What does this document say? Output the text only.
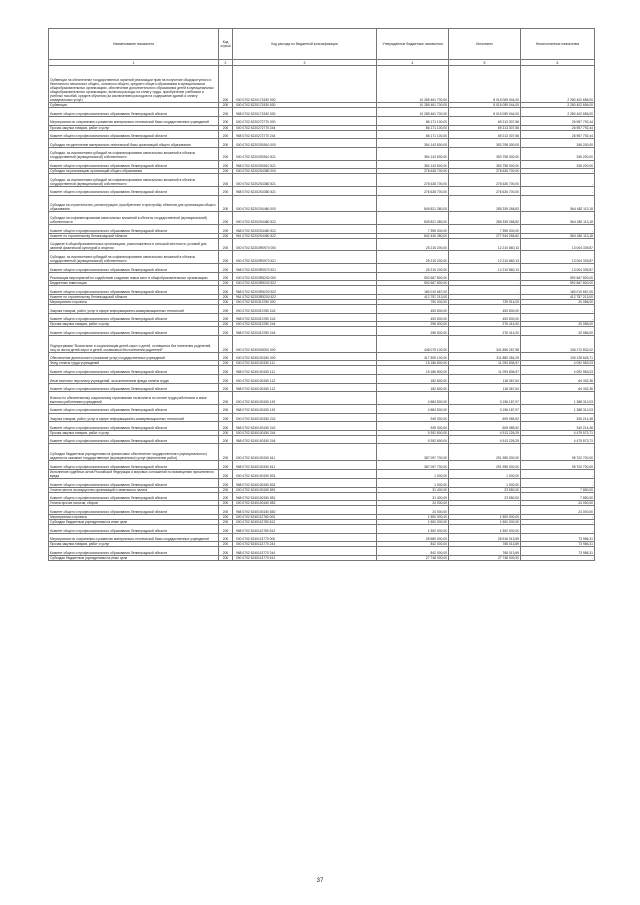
Наименование показателя	Код строки	Код расхода по бюджетной классификации	Утвержденные бюджетные назначения	Исполнено	Неисполненные назначения
1	2	3	4	5	6
Субвенции на обеспечение государственных гарантий реализации прав на получение общедоступного и бесплатного начального общего, основного общего, среднего общего образования в муниципальных общеобразовательных организациях, обеспечение дополнительного образования детей в муниципальных общеобразовательных организациях, включая расходы на оплату труда, приобретение учебников и учебных пособий, средств обучения (за исключением расходов на содержание зданий и оплату коммунальных услуг)	200	000 0702 5220171530 000	10 285 461 700,00	8 015 069 044,00	2 280 402 656,00
Субвенции	200	000 0702 5220171530 530	10 285 461 700,00	8 015 059 044,00	2 280 402 656,00
Комитет общего и профессионального образования Ленинградской области	200	968 0702 5220171530 530	10 285 461 700,00	8 015 059 044,00	2 280 402 656,00
Мероприятия по сохранению и развитию материально-технической базы государственных учреждений	200	000 0702 5220272770 000	86 171 100,00	69 213 307,56	26 957 792,44
Прочая закупка товаров, работ и услуг	200	000 0702 5220272770 244	86 171 100,00	69 213 307,56	26 957 792,44
Комитет общего и профессионального образования Ленинградской области	200	968 0702 5220272770 244	86 171 100,00	69 213 307,56	26 957 792,44
Субсидия на укрепление материально-технической базы организаций общего образования	200	000 0702 52202S0510 000	354 143 500,00	353 798 300,00	345 200,00
Субсидии, за исключением субсидий на софинансирование капитальных вложений в объекты государственной (муниципальной) собственности	200	000 0702 52202S0510 521	354 143 500,00	353 798 300,00	345 200,00
Комитет общего и профессионального образования Ленинградской области	200	968 0702 52202S0510 521	354 143 500,00	353 798 300,00	345 200,00
Субсидия на реализацию организаций общего образования	200	000 0702 52202S4380 000	276 628 700,00	276 626 700,00	-
Субсидии, за исключением субсидий на софинансирование капитальных вложений в объекты государственной (муниципальной) собственности	200	000 0702 52202S4380 521	276 628 700,00	276 626 700,00	-
Комитет общего и профессионального образования Ленинградской области	200	968 0702 52202S4380 521	276 628 700,00	276 626 700,00	-
Субсидии на строительство, реконструкцию, приобретение и пристройку объектов для организации общего образования	200	000 0702 52202S4460 000	849 821 380,00	285 339 268,82	564 482 113,18
Субсидии на софинансирование капитальных вложений в объекты государственной (муниципальной) собственности	200	000 0702 52202S4460 522	849 821 380,00	285 339 268,82	564 482 113,18
Комитет общего и профессионального образования Ленинградской области	200	968 0702 52202S4460 522	7 395 000,00	7 395 000,00	-
Комитет по строительству Ленинградской области	200	961 0702 52202S4460 522	842 426 380,00	277 944 268,82	564 482 113,18
Создание в общеобразовательных организациях, расположенных в сельской местности, условий для занятий физической культурой и спортом	200	000 0702 52203R0970 000	25 215 200,00	12 210 860,13	13 004 339,87
Субсидии, за исключением субсидий на софинансирование капитальных вложений в объекты государственной (муниципальной) собственности	200	000 0702 52203R0970 521	25 215 200,00	12 210 860,13	13 004 339,87
Комитет общего и профессионального образования Ленинградской области	200	968 0702 52203R0970 521	25 215 200,00	12 210 860,13	13 004 339,87
Реализация мероприятий по содействию созданию новых мест в общеобразовательных организациях	200	000 0702 52203R5200 000	592 667 800,00	-	592 667 800,00
Бюджетные инвестиции	200	000 0702 52203R5200 522	592 667 800,00	-	592 667 800,00
Комитет общего и профессионального образования Ленинградской области	200	968 0702 52203R5200 522	180 010 667,00	-	180 010 667,00
Комитет по строительству Ленинградской области	200	961 0702 52203R5200 522	412 757 213,00	-	412 757 213,00
Мероприятия и проекты	200	000 0702 5220313780 000	750 000,00	729 914,00	20 086,00
Закупка товаров, работ, услуг в сфере информационно-коммуникационных технологий	200	000 0702 5220313780 242	453 500,00	453 500,00	-
Комитет общего и профессионального образования Ленинградской области	200	968 0702 5220313780 242	453 500,00	453 500,00	-
Прочая закупка товаров, работ и услуг	200	000 0702 5220313780 244	296 500,00	276 414,00	20 086,00
Комитет общего и профессионального образования Ленинградской области	200	968 0702 5220313780 244	296 500,00	276 414,00	20 086,00
Подпрограмма "Воспитание и социализация детей-сирот и детей, оставшихся без попечения родителей, лиц из числа детей-сирот и детей, оставшихся без попечения родителей"	200	000 0702 5240000000 000	448 079 100,00	341 896 267,98	106 172 832,02
Обеспечение деятельности (оказание услуг) государственных учреждений	200	000 0702 5240100150 000	417 509 100,00	311 880 354,29	105 128 645,71
Фонд оплаты труда учреждений	200	000 0702 5240100150 111	15 186 800,00	11 093 836,97	4 092 963,03
Комитет общего и профессионального образования Ленинградской области	200	968 0702 5240100150 111	15 186 800,00	11 093 836,97	4 092 963,03
Иные выплаты персоналу учреждений, за исключением фонда оплаты труда	200	000 0702 5240100150 112	182 800,00	118 367,64	64 432,36
Комитет общего и профессионального образования Ленинградской области	200	968 0702 5240100150 112	182 800,00	118 367,64	64 432,36
Взносы по обязательному социальному страхованию на выплаты по оплате труда работников и иные выплаты работникам учреждений	200	000 0702 5240100150 119	4 584 500,00	3 196 187,97	1 388 312,03
Комитет общего и профессионального образования Ленинградской области	200	968 0702 5240100150 119	4 584 500,00	3 196 187,97	1 388 312,03
Закупка товаров, работ, услуг в сфере информационно-коммуникационных технологий	200	000 0702 5240100150 242	949 300,00	609 085,52	340 214,48
Комитет общего и профессионального образования Ленинградской области	200	968 0702 5240100150 242	949 300,00	609 085,52	340 214,48
Прочая закупка товаров, работ и услуг	200	000 0702 5240100150 244	9 392 800,00	4 913 226,29	4 479 573,71
Комитет общего и профессионального образования Ленинградской области	200	968 0702 5240100150 244	9 392 800,00	4 913 226,29	4 479 573,71
Субсидии бюджетным учреждениям на финансовое обеспечение государственного (муниципального) задания на оказание государственных (муниципальных) услуг (выполнение работ)	200	000 0702 5240100150 611	387 097 700,00	291 955 000,00	95 702 700,00
Комитет общего и профессионального образования Ленинградской области	200	968 0702 5240100150 611	387 097 700,00	291 955 000,00	95 702 700,00
Исполнение судебных актов Российской Федерации и мировых соглашений по возмещению причиненного вреда	200	000 0702 5240100150 831	1 000,00	1 000,00	-
Комитет общего и профессионального образования Ленинградской области	200	968 0702 5240100150 831	1 000,00	1 000,00	-
Уплата налога на имущество организаций и земельного налога	200	000 0702 5240100150 851	31 400,00	23 550,00	7 850,00
Комитет общего и профессионального образования Ленинградской области	200	968 0702 5240100150 851	31 400,00	23 550,00	7 850,00
Уплата прочих налогов, сборов	200	000 0702 5240100150 852	24 000,00	-	24 000,00
Комитет общего и профессионального образования Ленинградской области	200	968 0702 5240100150 852	24 000,00	-	24 000,00
Мероприятия и проекты	200	000 0702 5240112780 000	1 500 000,00	1 500 000,00	-
Субсидии бюджетным учреждениям на иные цели	200	000 0702 5240112780 612	1 500 000,00	1 500 000,00	-
Комитет общего и профессионального образования Ленинградской области	200	968 0702 5240112780 612	1 500 000,00	1 500 000,00	-
Мероприятия по сохранению и развитию материально-технической базы государственных учреждений	200	000 0702 5240113770 000	28 580 000,00	28 516 013,69	73 986,31
Прочая закупка товаров, работ и услуг	200	000 0702 5240113770 244	842 000,00	768 013,69	73 986,31
Комитет общего и профессионального образования Ленинградской области	200	968 0702 5240113770 244	842 000,00	768 013,69	73 986,31
Субсидии бюджетным учреждениям на иные цели	200	000 0702 5240113770 612	27 748 000,00	27 748 000,00	-
37
